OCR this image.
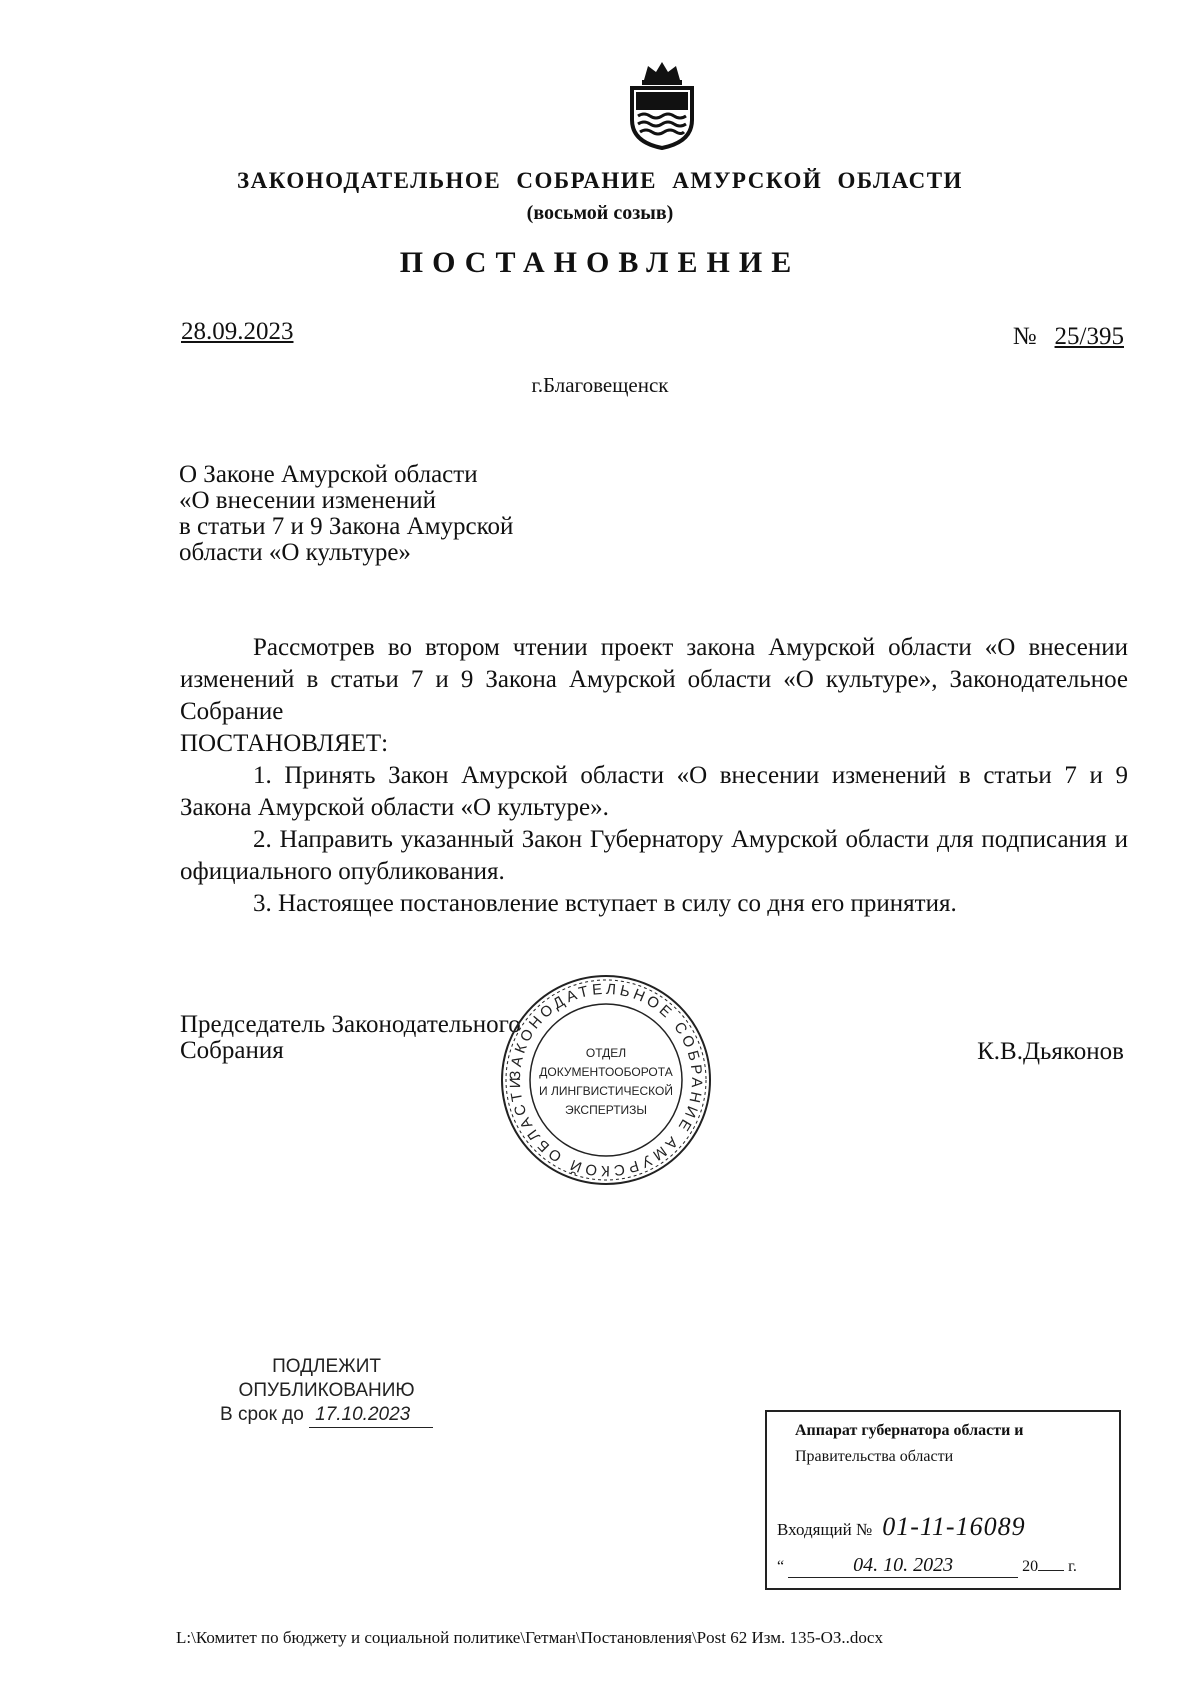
ЗАКОНОДАТЕЛЬНОЕ СОБРАНИЕ АМУРСКОЙ ОБЛАСТИ
(восьмой созыв)
ПОСТАНОВЛЕНИЕ
28.09.2023	№ 25/395
г.Благовещенск
О Законе Амурской области
«О внесении изменений
в статьи 7 и 9 Закона Амурской
области «О культуре»

Рассмотрев во втором чтении проект закона Амурской области «О внесении изменений в статьи 7 и 9 Закона Амурской области «О культуре», Законодательное Собрание

ПОСТАНОВЛЯЕТ:

1. Принять Закон Амурской области «О внесении изменений в статьи 7 и 9 Закона Амурской области «О культуре».

2. Направить указанный Закон Губернатору Амурской области для подписания и официального опубликования.

3. Настоящее постановление вступает в силу со дня его принятия.

Председатель Законодательного
Собрания	К.В.Дьяконов
ЗАКОНОДАТЕЛЬНОЕ СОБРАНИЕ АМУРСКОЙ ОБЛАСТИ
ОТДЕЛ
ДОКУМЕНТООБОРОТА
И ЛИНГВИСТИЧЕСКОЙ
ЭКСПЕРТИЗЫ
ПОДЛЕЖИТ
ОПУБЛИКОВАНИЮ
В срок до 17.10.2023
Аппарат губернатора области и
Правительства области
Входящий № 01-11-16089
“	04. 10. 2023	20 г.
L:\Комитет по бюджету и социальной политике\Гетман\Постановления\Post 62 Изм. 135-ОЗ..docx
